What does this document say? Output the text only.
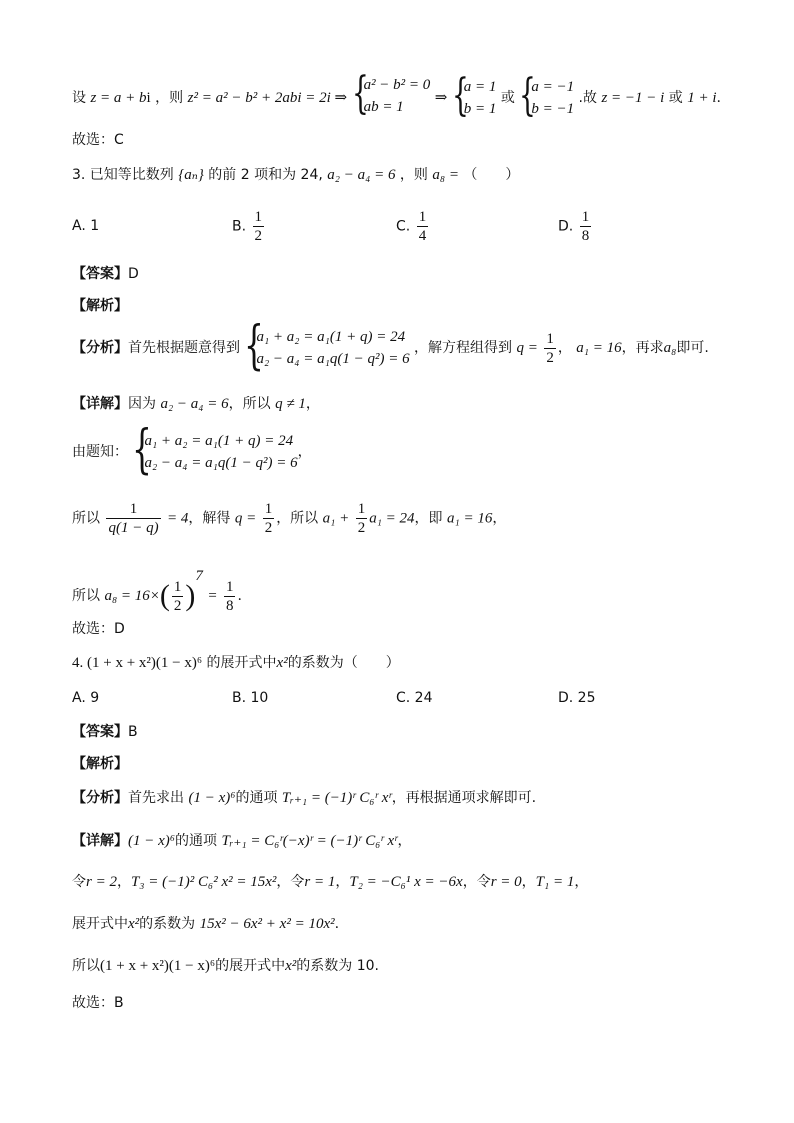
设 z = a + bi ，则 z² = a² − b² + 2abi = 2i ⇒ {
a² − b² = 0
ab = 1
⇒ {
a = 1
b = 1
或 {
a = −1
b = −1
.故 z = −1 − i 或 1 + i.
故选：C
3. 已知等比数列 {aₙ} 的前 2 项和为 24, a₂ − a₄ = 6 ，则 a₈ = （　　）
A. 1	B. $\frac{1}{2}$	C. $\frac{1}{4}$	D. $\frac{1}{8}$
【答案】D
【解析】
【分析】首先根据题意得到 {
a₁ + a₂ = a₁(1 + q) = 24
a₂ − a₄ = a₁q(1 − q²) = 6
，解方程组得到 $q = \frac{1}{2}$ ， a₁ = 16，再求a₈即可.
【详解】因为 a₂ − a₄ = 6，所以 q ≠ 1，
由题知： {
a₁ + a₂ = a₁(1 + q) = 24
a₂ − a₄ = a₁q(1 − q²) = 6
，
所以 $\frac{1}{q(1 - q)} = 4$，解得 $q = \frac{1}{2}$ ，所以 $a_1 + \frac{1}{2} a_1 = 24$，即 a₁ = 16，
所以 $a_8 = 16\times( \frac{1}{2} )^7 = \frac{1}{8}$ .
故选：D
4. (1 + x + x²)(1 − x)⁶ 的展开式中x²的系数为（　　）
A. 9	B. 10	C. 24	D. 25
【答案】B
【解析】
【分析】首先求出 (1 − x)⁶的通项 Tᵣ₊₁ = (−1)ʳ C₆ʳ xʳ，再根据通项求解即可.
【详解】(1 − x)⁶的通项 Tᵣ₊₁ = C₆ʳ(−x)ʳ = (−1)ʳ C₆ʳ xʳ，
令r = 2，T₃ = (−1)² C₆² x² = 15x²，令r = 1，T₂ = −C₆¹ x = −6x，令r = 0，T₁ = 1，
展开式中x²的系数为 15x² − 6x² + x² = 10x².
所以(1 + x + x²)(1 − x)⁶的展开式中x²的系数为 10.
故选：B
